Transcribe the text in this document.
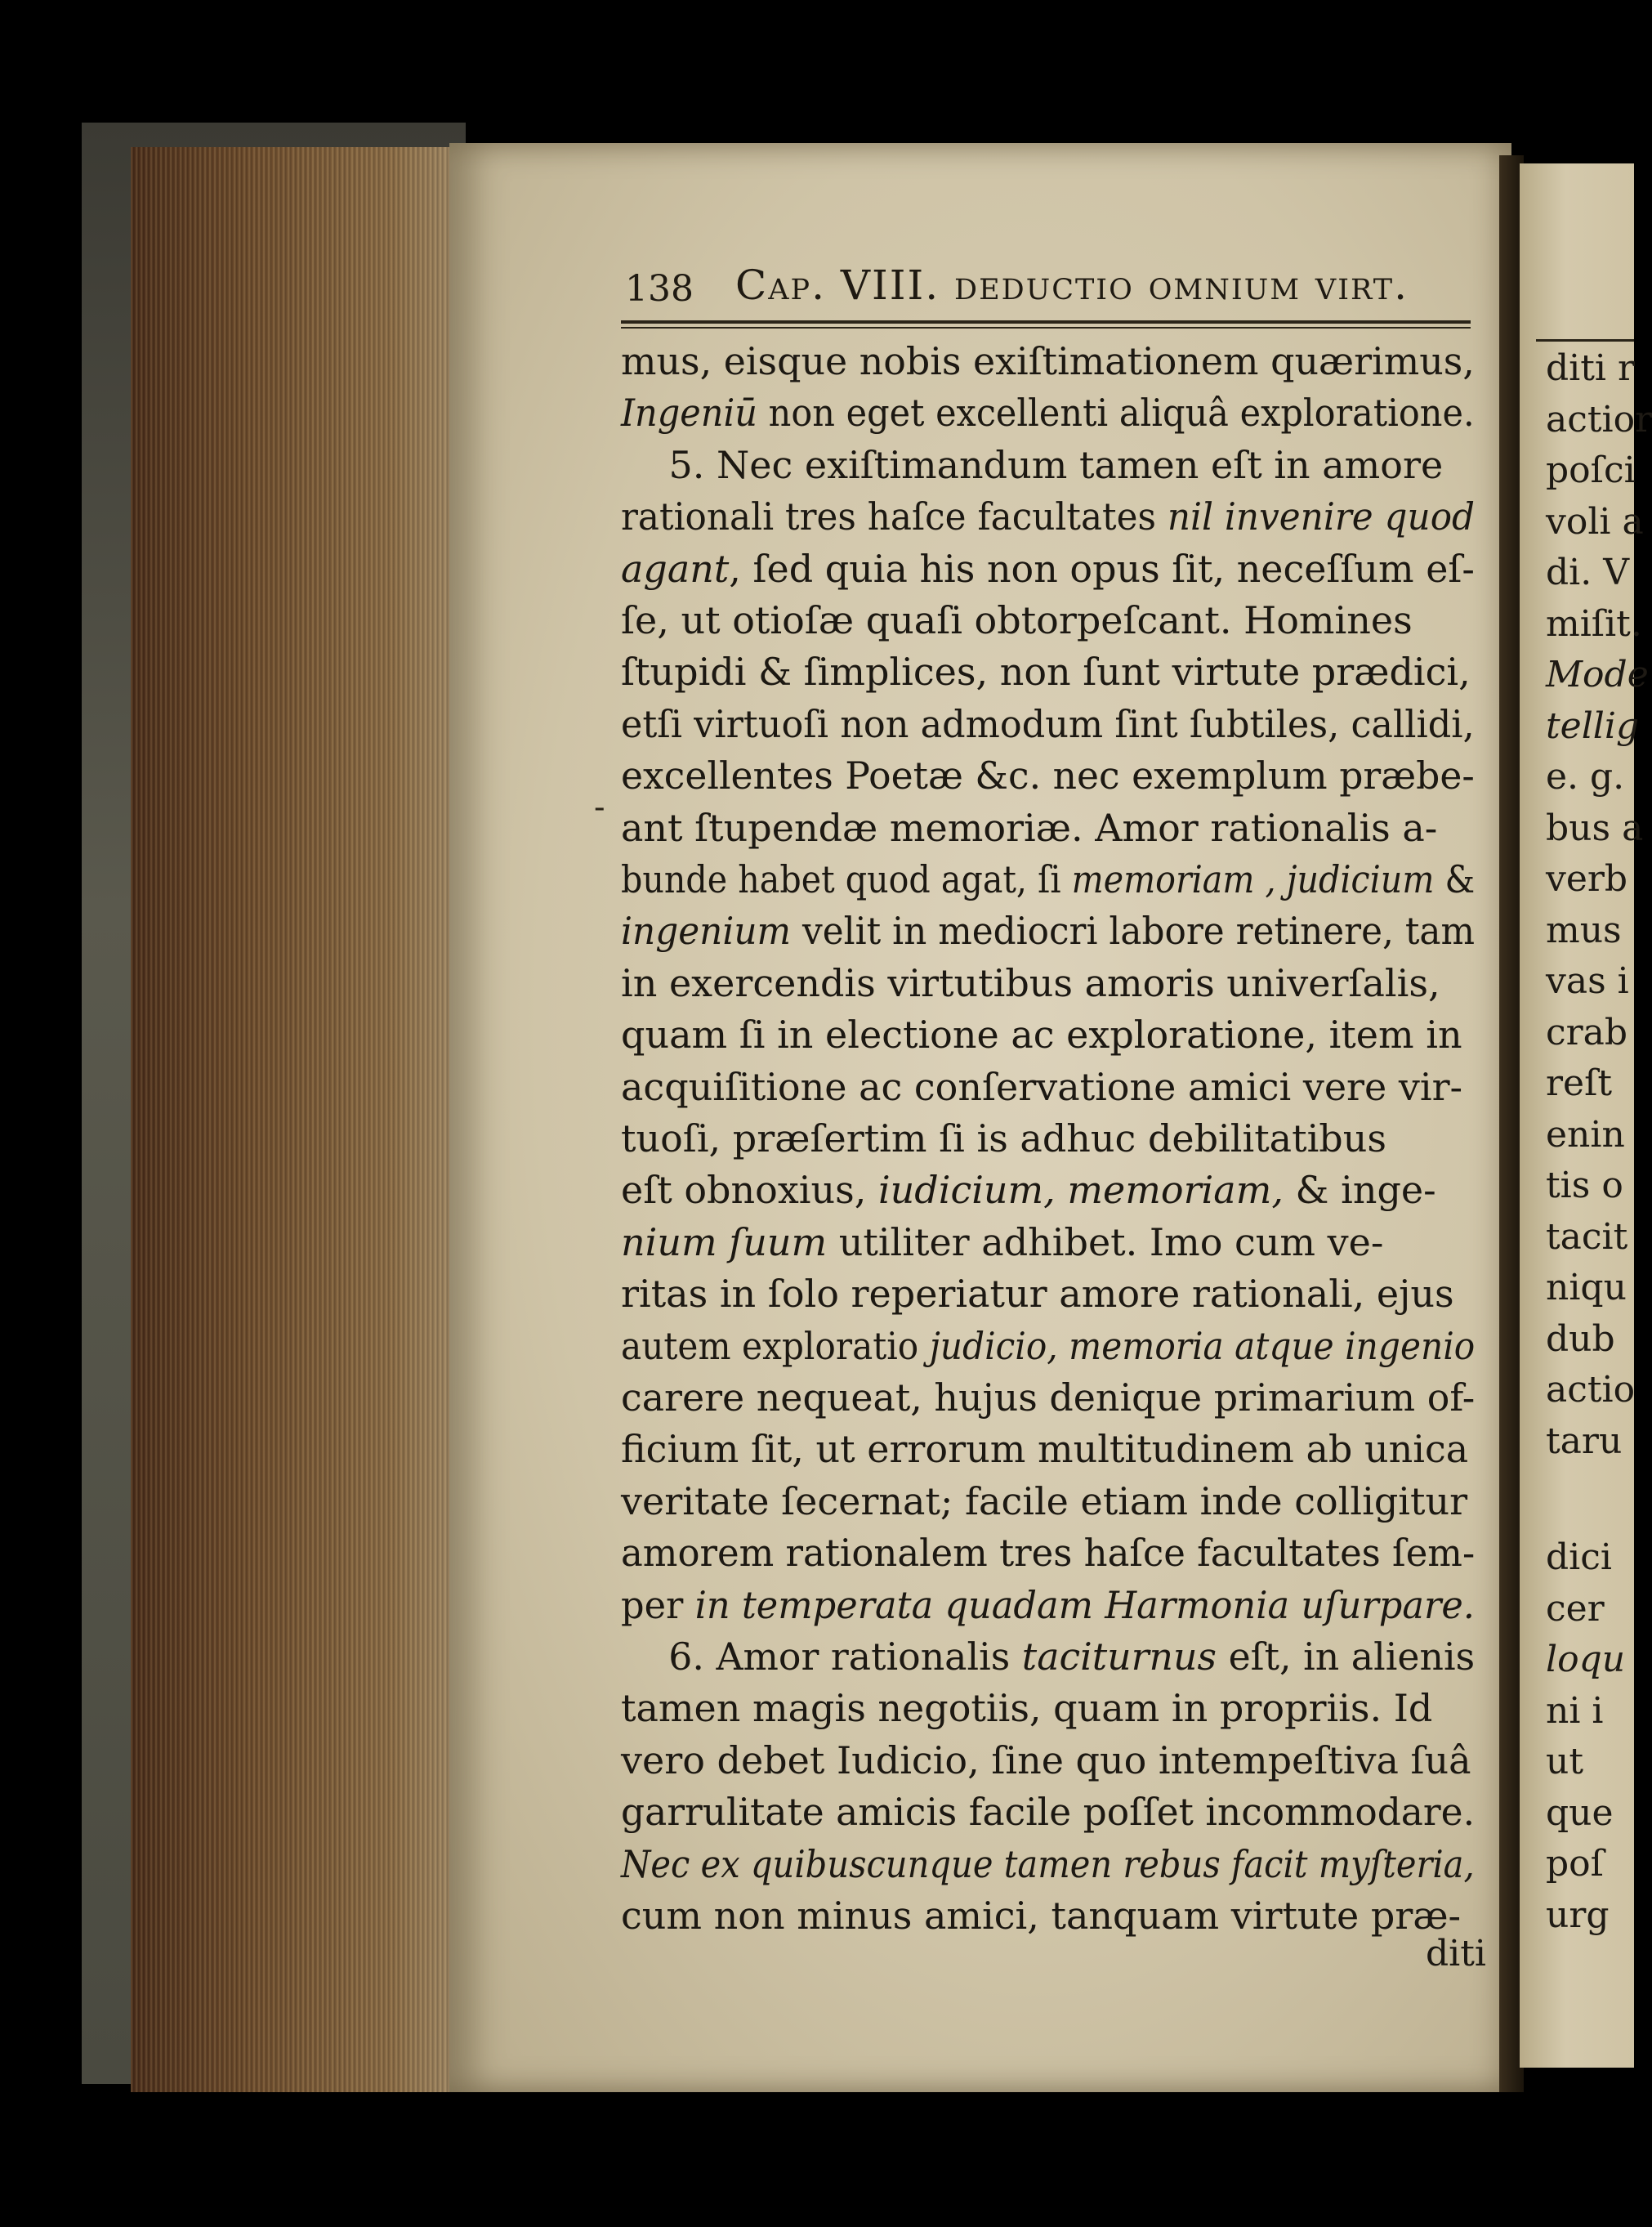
diti r
actior
poſci
voli a
di. V
miſit.
Mode
tellig
e. g.
bus a
verb
mus
vas i
crab
reſt
enin
tis o
tacit
niqu
dub
actio
taru
dici
cer
loqu
ni i
ut
que
poſ
urg
138 Cap. VIII. deductio omnium virt.
-
mus, eisque nobis exiſtimationem quærimus,
Ingeniū non eget excellenti aliquâ exploratione.
5. Nec exiſtimandum tamen eſt in amore
rationali tres haſce facultates nil invenire quod
agant, ſed quia his non opus ſit, neceſſum eſ-
ſe, ut otioſæ quaſi obtorpeſcant. Homines
ſtupidi & ſimplices, non ſunt virtute prædici,
etſi virtuoſi non admodum ſint ſubtiles, callidi,
excellentes Poetæ &c. nec exemplum præbe-
ant ſtupendæ memoriæ. Amor rationalis a-
bunde habet quod agat, ſi memoriam , judicium &
ingenium velit in mediocri labore retinere, tam
in exercendis virtutibus amoris univerſalis,
quam ſi in electione ac exploratione, item in
acquiſitione ac conſervatione amici vere vir-
tuoſi, præſertim ſi is adhuc debilitatibus
eſt obnoxius, iudicium, memoriam, & inge-
nium ſuum utiliter adhibet. Imo cum ve-
ritas in ſolo reperiatur amore rationali, ejus
autem exploratio judicio, memoria atque ingenio
carere nequeat, hujus denique primarium of-
ficium ſit, ut errorum multitudinem ab unica
veritate ſecernat; facile etiam inde colligitur
amorem rationalem tres haſce facultates ſem-
per in temperata quadam Harmonia uſurpare.
6. Amor rationalis taciturnus eſt, in alienis
tamen magis negotiis, quam in propriis. Id
vero debet Iudicio, ſine quo intempeſtiva ſuâ
garrulitate amicis facile poſſet incommodare.
Nec ex quibuscunque tamen rebus facit myſteria,
cum non minus amici, tanquam virtute præ-
diti
